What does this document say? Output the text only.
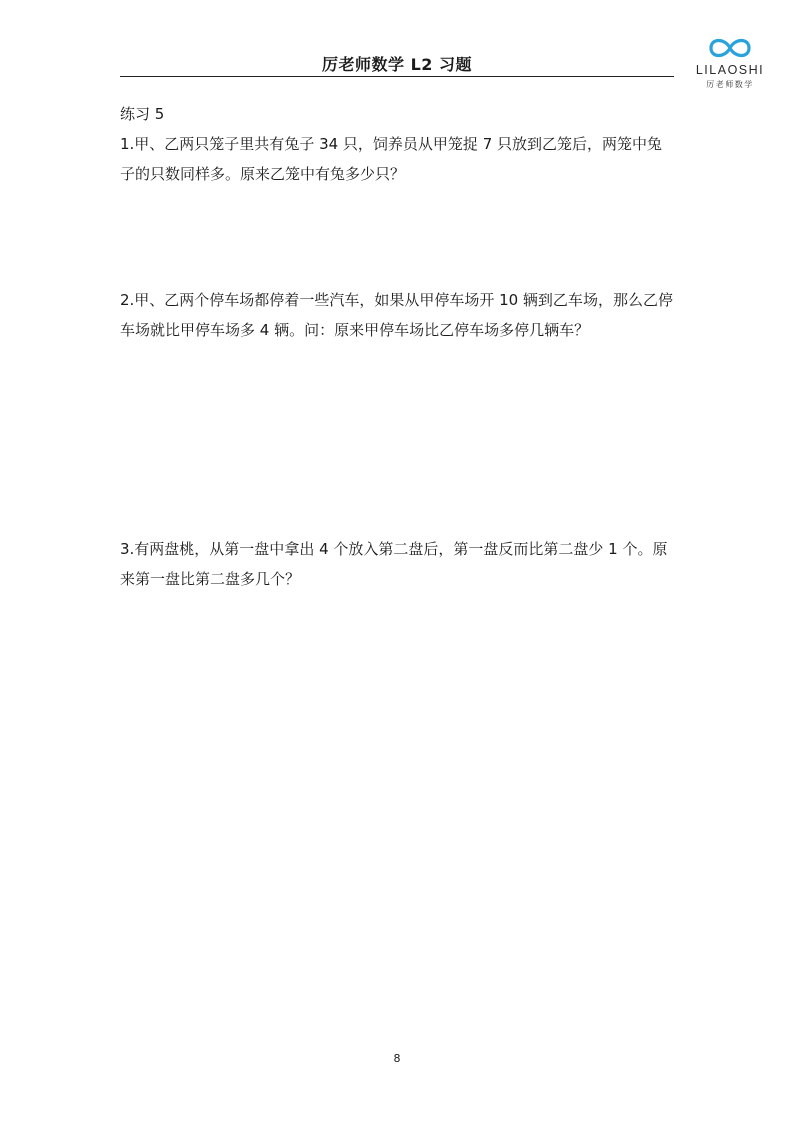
厉老师数学 L2 习题	LILAOSHI
厉老师数学
练习 5
1.甲、乙两只笼子里共有兔子 34 只，饲养员从甲笼捉 7 只放到乙笼后，两笼中兔子的只数同样多。原来乙笼中有兔多少只？
2.甲、乙两个停车场都停着一些汽车，如果从甲停车场开 10 辆到乙车场，那么乙停车场就比甲停车场多 4 辆。问：原来甲停车场比乙停车场多停几辆车？
3.有两盘桃，从第一盘中拿出 4 个放入第二盘后，第一盘反而比第二盘少 1 个。原来第一盘比第二盘多几个？
8
